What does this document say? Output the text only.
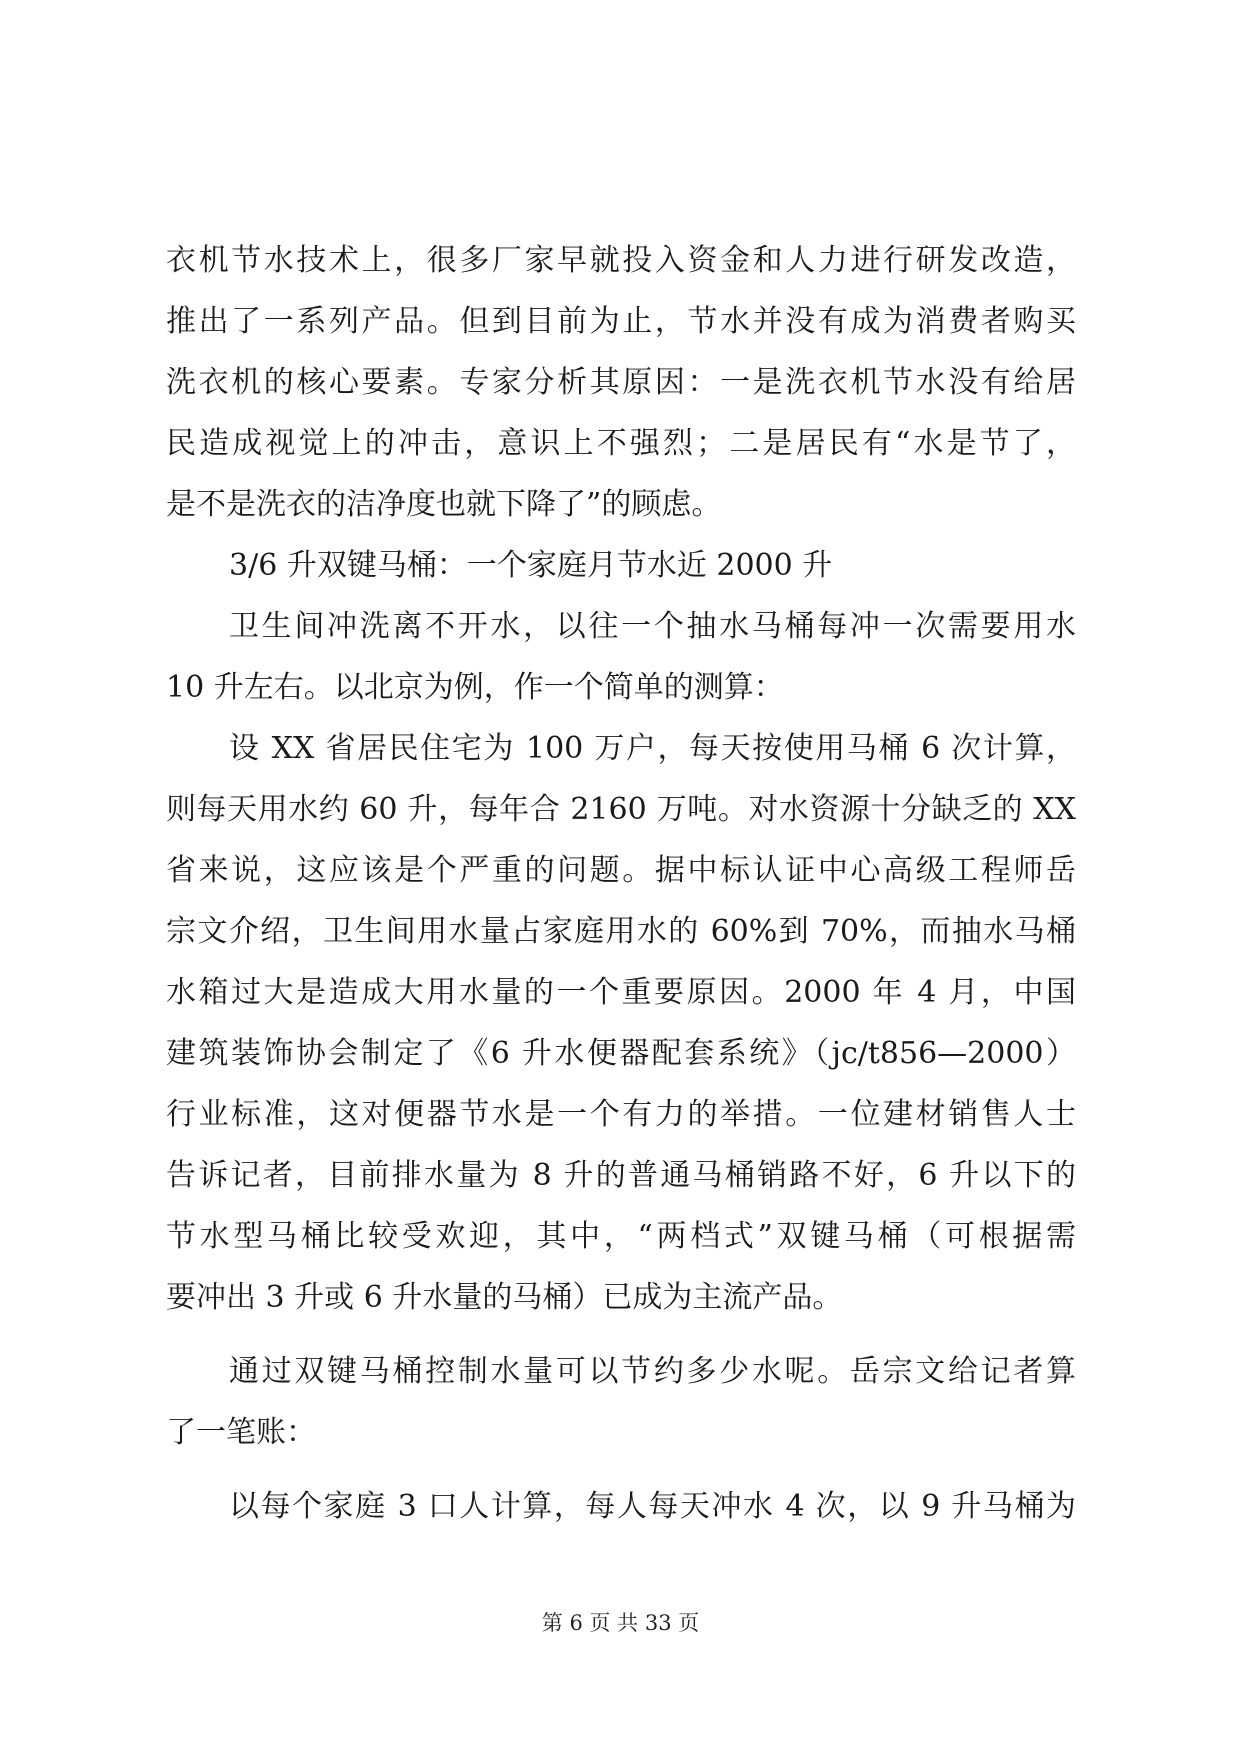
衣机节水技术上，很多厂家早就投入资金和人力进行研发改造，
推出了一系列产品。但到目前为止，节水并没有成为消费者购买
洗衣机的核心要素。专家分析其原因：一是洗衣机节水没有给居
民造成视觉上的冲击，意识上不强烈；二是居民有“水是节了，
是不是洗衣的洁净度也就下降了”的顾虑。
3/6 升双键马桶：一个家庭月节水近 2000 升
卫生间冲洗离不开水，以往一个抽水马桶每冲一次需要用水
10 升左右。以北京为例，作一个简单的测算：
设 XX 省居民住宅为 100 万户，每天按使用马桶 6 次计算，
则每天用水约 60 升，每年合 2160 万吨。对水资源十分缺乏的 XX
省来说，这应该是个严重的问题。据中标认证中心高级工程师岳
宗文介绍，卫生间用水量占家庭用水的 60%到 70%，而抽水马桶
水箱过大是造成大用水量的一个重要原因。2000 年 4 月，中国
建筑装饰协会制定了《6 升水便器配套系统》（jc/t856—2000）
行业标准，这对便器节水是一个有力的举措。一位建材销售人士
告诉记者，目前排水量为 8 升的普通马桶销路不好，6 升以下的
节水型马桶比较受欢迎，其中，“两档式”双键马桶（可根据需
要冲出 3 升或 6 升水量的马桶）已成为主流产品。
通过双键马桶控制水量可以节约多少水呢。岳宗文给记者算
了一笔账：
以每个家庭 3 口人计算，每人每天冲水 4 次，以 9 升马桶为
第 6 页 共 33 页
